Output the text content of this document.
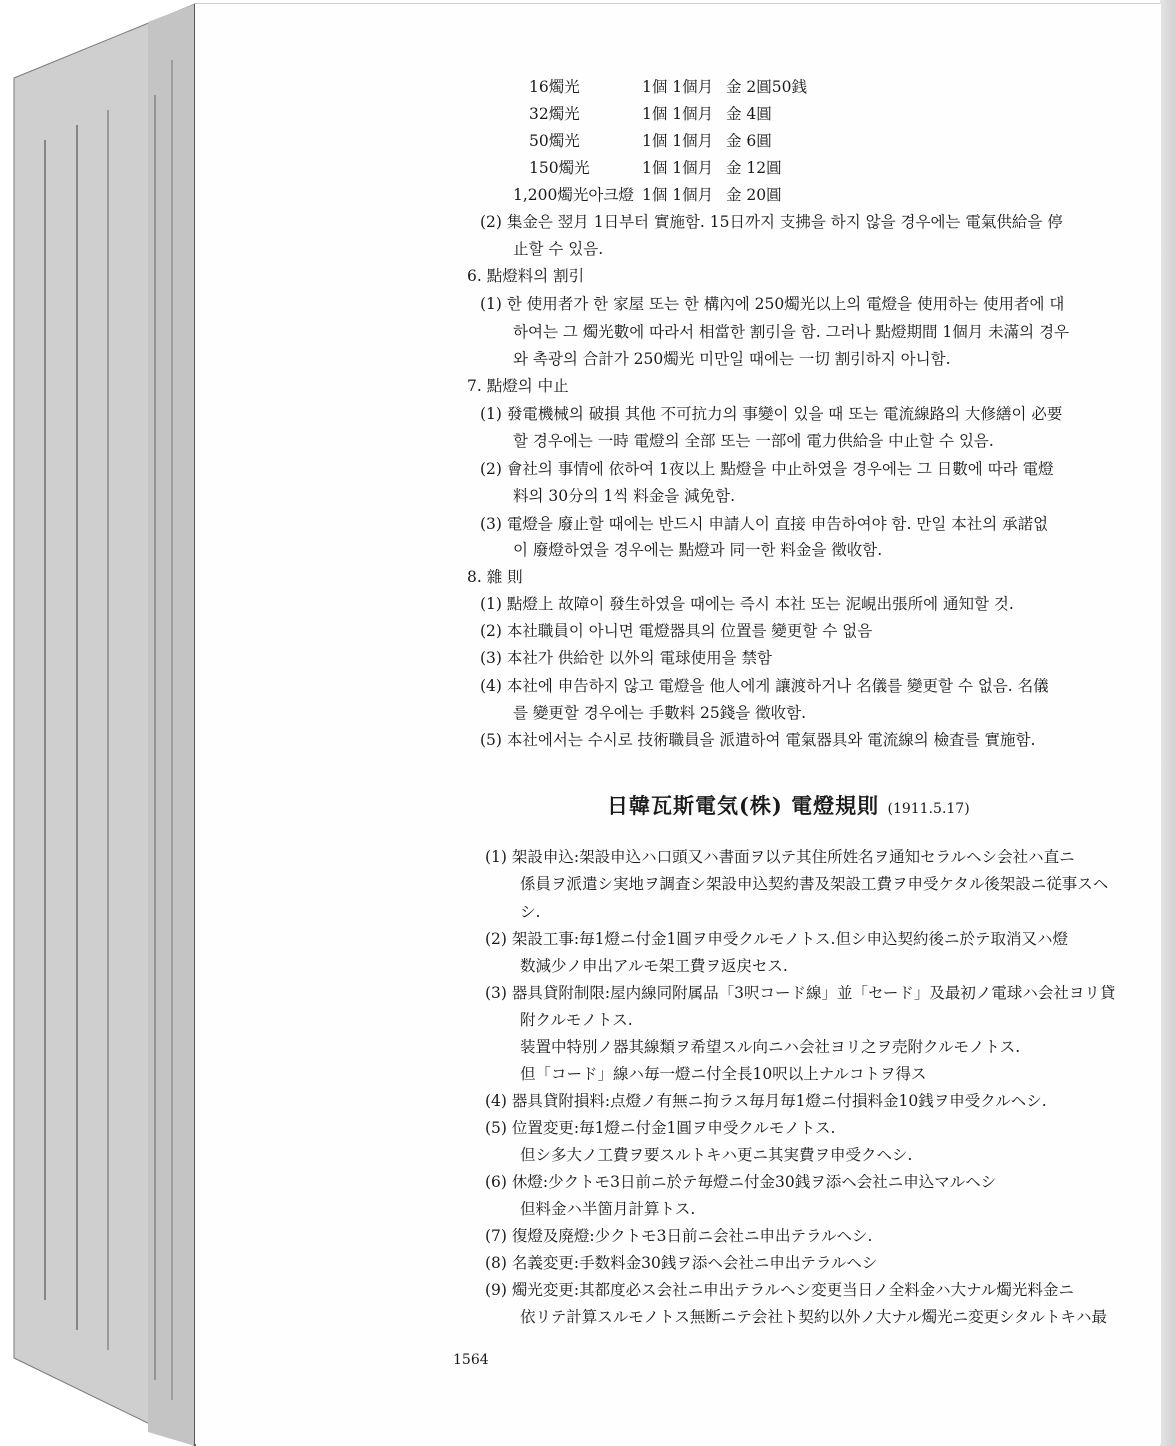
16燭光	1個 1個月 金 2圓50銭
32燭光	1個 1個月 金 4圓
50燭光	1個 1個月 金 6圓
150燭光	1個 1個月 金 12圓
1,200燭光아크燈 1個 1個月 金 20圓
(2) 集金은 翌月 1日부터 實施함. 15日까지 支拂을 하지 않을 경우에는 電氣供給을 停
止할 수 있음.
6. 點燈料의 割引
(1) 한 使用者가 한 家屋 또는 한 構內에 250燭光以上의 電燈을 使用하는 使用者에 대
하여는 그 燭光數에 따라서 相當한 割引을 함. 그러나 點燈期間 1個月 未滿의 경우
와 촉광의 合計가 250燭光 미만일 때에는 一切 割引하지 아니함.
7. 點燈의 中止
(1) 發電機械의 破損 其他 不可抗力의 事變이 있을 때 또는 電流線路의 大修繕이 必要
할 경우에는 一時 電燈의 全部 또는 一部에 電力供給을 中止할 수 있음.
(2) 會社의 事情에 依하여 1夜以上 點燈을 中止하였을 경우에는 그 日數에 따라 電燈
料의 30分의 1씩 料金을 減免함.
(3) 電燈을 廢止할 때에는 반드시 申請人이 直接 申告하여야 함. 만일 本社의 承諾없
이 廢燈하였을 경우에는 點燈과 同一한 料金을 徵收함.
8. 雜 則
(1) 點燈上 故障이 發生하였을 때에는 즉시 本社 또는 泥峴出張所에 通知할 것.
(2) 本社職員이 아니면 電燈器具의 位置를 變更할 수 없음
(3) 本社가 供給한 以外의 電球使用을 禁함
(4) 本社에 申告하지 않고 電燈을 他人에게 讓渡하거나 名儀를 變更할 수 없음. 名儀
를 變更할 경우에는 手數料 25錢을 徵收함.
(5) 本社에서는 수시로 技術職員을 派遣하여 電氣器具와 電流線의 檢査를 實施함.
日韓瓦斯電気(株) 電燈規則 (1911.5.17)
(1) 架設申込:架設申込ハ口頭又ハ書面ヲ以テ其住所姓名ヲ通知セラルヘシ会社ハ直ニ
係員ヲ派遣シ実地ヲ調査シ架設申込契約書及架設工費ヲ申受ケタル後架設ニ従事スヘ
シ.
(2) 架設工事:毎1燈ニ付金1圓ヲ申受クルモノトス.但シ申込契約後ニ於テ取消又ハ燈
数減少ノ申出アルモ架工費ヲ返戻セス.
(3) 器具貸附制限:屋内線同附属品「3呎コード線」並「セード」及最初ノ電球ハ会社ヨリ貸
附クルモノトス.
装置中特別ノ器其線類ヲ希望スル向ニハ会社ヨリ之ヲ売附クルモノトス.
但「コード」線ハ毎一燈ニ付全長10呎以上ナルコトヲ得ス
(4) 器具貸附損料:点燈ノ有無ニ拘ラス毎月毎1燈ニ付損料金10銭ヲ申受クルヘシ.
(5) 位置変更:毎1燈ニ付金1圓ヲ申受クルモノトス.
但シ多大ノ工費ヲ要スルトキハ更ニ其実費ヲ申受クヘシ.
(6) 休燈:少クトモ3日前ニ於テ毎燈ニ付金30銭ヲ添ヘ会社ニ申込マルヘシ
但料金ハ半箇月計算トス.
(7) 復燈及廃燈:少クトモ3日前ニ会社ニ申出テラルヘシ.
(8) 名義変更:手数料金30銭ヲ添ヘ会社ニ申出テラルヘシ
(9) 燭光変更:其都度必ス会社ニ申出テラルヘシ変更当日ノ全料金ハ大ナル燭光料金ニ
依リテ計算スルモノトス無断ニテ会社ト契約以外ノ大ナル燭光ニ変更シタルトキハ最
1564
